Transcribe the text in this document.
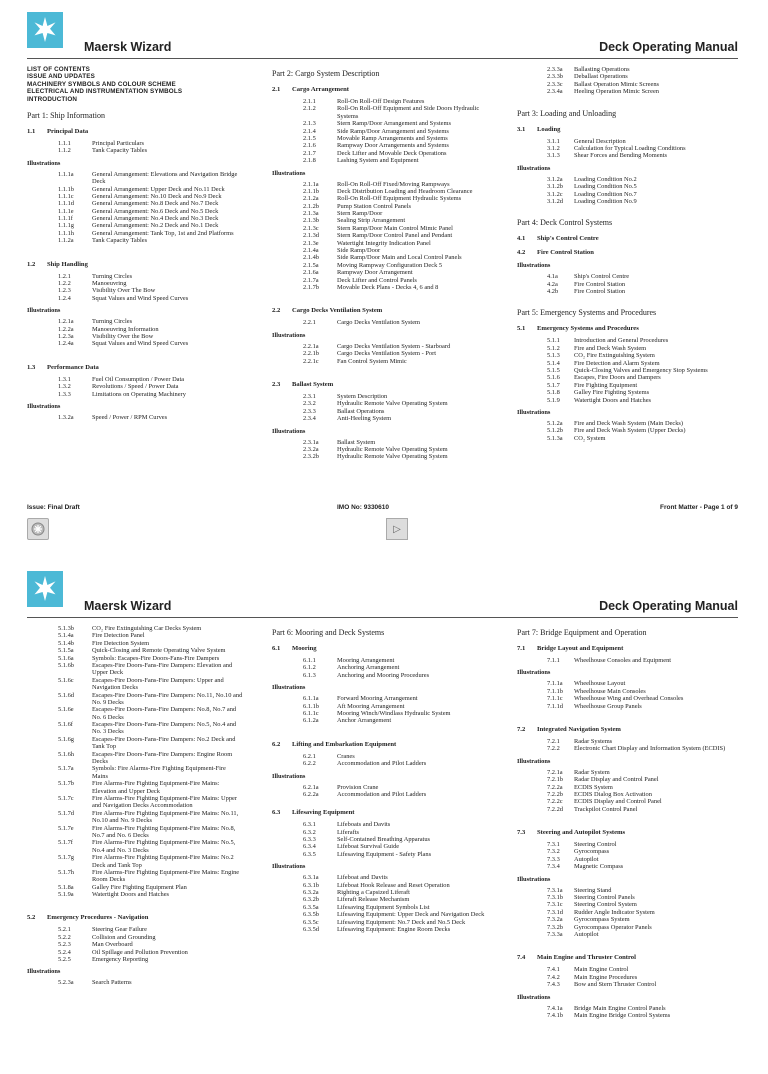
Maersk Wizard	Deck Operating Manual
LIST OF CONTENTS
ISSUE AND UPDATES
MACHINERY SYMBOLS AND COLOUR SCHEME
ELECTRICAL AND INSTRUMENTATION SYMBOLS
INTRODUCTION
Part 1: Ship Information
1.1 Principal Data
1.1.1	Principal Particulars
1.1.2	Tank Capacity Tables
Illustrations
1.1.1a	General Arrangement: Elevations and Navigation Bridge
Deck
1.1.1b	General Arrangement: Upper Deck and No.11 Deck
1.1.1c	General Arrangement: No.10 Deck and No.9 Deck
1.1.1d	General Arrangement: No.8 Deck and No.7 Deck
1.1.1e	General Arrangement: No.6 Deck and No.5 Deck
1.1.1f	General Arrangement: No.4 Deck and No.3 Deck
1.1.1g	General Arrangement: No.2 Deck and No.1 Deck
1.1.1h	General Arrangement: Tank Top, 1st and 2nd Platforms
1.1.2a	Tank Capacity Tables
1.2 Ship Handling
1.2.1	Turning Circles
1.2.2	Manoeuvring
1.2.3	Visibility Over The Bow
1.2.4	Squat Values and Wind Speed Curves
Illustrations
1.2.1a	Turning Circles
1.2.2a	Manoeuvring Information
1.2.3a	Visibility Over the Bow
1.2.4a	Squat Values and Wind Speed Curves
1.3 Performance Data
1.3.1	Fuel Oil Consumption / Power Data
1.3.2	Revolutions / Speed / Power Data
1.3.3	Limitations on Operating Machinery
Illustrations
1.3.2a	Speed / Power / RPM Curves
Part 2: Cargo System Description
2.1 Cargo Arrangement
2.1.1	Roll-On Roll-Off Design Features
2.1.2	Roll-On Roll-Off Equipment and Side Doors Hydraulic
Systems
2.1.3	Stern Ramp/Door Arrangement and Systems
2.1.4	Side Ramp/Door Arrangement and Systems
2.1.5	Movable Ramp Arrangements and Systems
2.1.6	Rampway Door Arrangements and Systems
2.1.7	Deck Lifter and Movable Deck Operations
2.1.8	Lashing System and Equipment
Illustrations
2.1.1a	Roll-On Roll-Off Fixed/Moving Rampways
2.1.1b	Deck Distribution Loading and Headroom Clearance
2.1.2a	Roll-On Roll-Off Equipment Hydraulic Systems
2.1.2b	Pump Station Control Panels
2.1.3a	Stern Ramp/Door
2.1.3b	Sealing Strip Arrangement
2.1.3c	Stern Ramp/Door Main Control Mimic Panel
2.1.3d	Stern Ramp/Door Control Panel and Pendant
2.1.3e	Watertight Integrity Indication Panel
2.1.4a	Side Ramp/Door
2.1.4b	Side Ramp/Door Main and Local Control Panels
2.1.5a	Moving Rampway Configuration Deck 5
2.1.6a	Rampway Door Arrangement
2.1.7a	Deck Lifter and Control Panels
2.1.7b	Movable Deck Plans - Decks 4, 6 and 8
2.2 Cargo Decks Ventilation System
2.2.1	Cargo Decks Ventilation System
Illustrations
2.2.1a	Cargo Decks Ventilation System - Starboard
2.2.1b	Cargo Decks Ventilation System - Port
2.2.1c	Fan Control System Mimic
2.3 Ballast System
2.3.1	System Description
2.3.2	Hydraulic Remote Valve Operating System
2.3.3	Ballast Operations
2.3.4	Anti-Heeling System
Illustrations
2.3.1a	Ballast System
2.3.2a	Hydraulic Remote Valve Operating System
2.3.2b	Hydraulic Remote Valve Operating System
2.3.3a Ballasting Operations
2.3.3b Deballast Operations
2.3.3c Ballast Operation Mimic Screens
2.3.4a Heeling Operation Mimic Screen
Part 3: Loading and Unloading
3.1 Loading
3.1.1 General Description
3.1.2 Calculation for Typical Loading Conditions
3.1.3 Shear Forces and Bending Moments
Illustrations
3.1.2a Loading Condition No.2
3.1.2b Loading Condition No.5
3.1.2c Loading Condition No.7
3.1.2d Loading Condition No.9
Part 4: Deck Control Systems
4.1 Ship's Control Centre
4.2 Fire Control Station
Illustrations
4.1a	Ship's Control Centre
4.2a	Fire Control Station
4.2b Fire Control Station
Part 5: Emergency Systems and Procedures
5.1 Emergency Systems and Procedures
5.1.1 Introduction and General Procedures
5.1.2 Fire and Deck Wash System
5.1.3 CO₂ Fire Extinguishing System
5.1.4 Fire Detection and Alarm System
5.1.5 Quick-Closing Valves and Emergency Stop Systems
5.1.6 Escapes, Fire Doors and Dampers
5.1.7 Fire Fighting Equipment
5.1.8 Galley Fire Fighting Systems
5.1.9 Watertight Doors and Hatches
Illustrations
5.1.2a Fire and Deck Wash System (Main Decks)
5.1.2b Fire and Deck Wash System (Upper Decks)
5.1.3a CO₂ System
Issue: Final Draft	IMO No: 9330610	Front Matter - Page 1 of 9
▷
Maersk Wizard	Deck Operating Manual
5.1.3b	CO₂ Fire Extinguishing Car Decks System
5.1.4a	Fire Detection Panel
5.1.4b	Fire Detection System
5.1.5a	Quick-Closing and Remote Operating Valve System
5.1.6a	Symbols: Escapes-Fire Doors-Fans-Fire Dampers
5.1.6b	Escapes-Fire Doors-Fans-Fire Dampers: Elevation and
Upper Deck
5.1.6c	Escapes-Fire Doors-Fans-Fire Dampers: Upper and
Navigation Decks
5.1.6d	Escapes-Fire Doors-Fans-Fire Dampers: No.11, No.10 and
No. 9 Decks
5.1.6e	Escapes-Fire Doors-Fans-Fire Dampers: No.8, No.7 and
No. 6 Decks
5.1.6f	Escapes-Fire Doors-Fans-Fire Dampers: No.5, No.4 and
No. 3 Decks
5.1.6g	Escapes-Fire Doors-Fans-Fire Dampers: No.2 Deck and
Tank Top
5.1.6h	Escapes-Fire Doors-Fans-Fire Dampers: Engine Room
Decks
5.1.7a	Symbols: Fire Alarms-Fire Fighting Equipment-Fire
Mains
5.1.7b	Fire Alarms-Fire Fighting Equipment-Fire Mains:
Elevation and Upper Deck
5.1.7c	Fire Alarms-Fire Fighting Equipment-Fire Mains: Upper
and Navigation Decks Accommodation
5.1.7d	Fire Alarms-Fire Fighting Equipment-Fire Mains: No.11,
No.10 and No. 9 Decks
5.1.7e	Fire Alarms-Fire Fighting Equipment-Fire Mains: No.8,
No.7 and No. 6 Decks
5.1.7f	Fire Alarms-Fire Fighting Equipment-Fire Mains: No.5,
No.4 and No. 3 Decks
5.1.7g	Fire Alarms-Fire Fighting Equipment-Fire Mains: No.2
Deck and Tank Top
5.1.7h	Fire Alarms-Fire Fighting Equipment-Fire Mains: Engine
Room Decks
5.1.8a	Galley Fire Fighting Equipment Plan
5.1.9a	Watertight Doors and Hatches
5.2 Emergency Procedures - Navigation
5.2.1	Steering Gear Failure
5.2.2	Collision and Grounding
5.2.3	Man Overboard
5.2.4	Oil Spillage and Pollution Prevention
5.2.5	Emergency Reporting
Illustrations
5.2.3a	Search Patterns
Part 6: Mooring and Deck Systems
6.1 Mooring
6.1.1	Mooring Arrangement
6.1.2	Anchoring Arrangement
6.1.3	Anchoring and Mooring Procedures
Illustrations
6.1.1a	Forward Mooring Arrangement
6.1.1b	Aft Mooring Arrangement
6.1.1c	Mooring Winch/Windlass Hydraulic System
6.1.2a	Anchor Arrangement
6.2 Lifting and Embarkation Equipment
6.2.1	Cranes
6.2.2	Accommodation and Pilot Ladders
Illustrations
6.2.1a	Provision Crane
6.2.2a	Accommodation and Pilot Ladders
6.3 Lifesaving Equipment
6.3.1	Lifeboats and Davits
6.3.2	Liferafts
6.3.3	Self-Contained Breathing Apparatus
6.3.4	Lifeboat Survival Guide
6.3.5	Lifesaving Equipment - Safety Plans
Illustrations
6.3.1a	Lifeboat and Davits
6.3.1b	Lifeboat Hook Release and Reset Operation
6.3.2a	Righting a Capsized Liferaft
6.3.2b	Liferaft Release Mechanism
6.3.5a	Lifesaving Equipment Symbols List
6.3.5b	Lifesaving Equipment: Upper Deck and Navigation Deck
6.3.5c	Lifesaving Equipment: No.7 Deck and No.5 Deck
6.3.5d	Lifesaving Equipment: Engine Room Decks
Part 7: Bridge Equipment and Operation
7.1 Bridge Layout and Equipment
7.1.1 Wheelhouse Consoles and Equipment
Illustrations
7.1.1a Wheelhouse Layout
7.1.1b Wheelhouse Main Consoles
7.1.1c Wheelhouse Wing and Overhead Consoles
7.1.1d Wheelhouse Group Panels
7.2 Integrated Navigation System
7.2.1 Radar Systems
7.2.2 Electronic Chart Display and Information System (ECDIS)
Illustrations
7.2.1a Radar System
7.2.1b Radar Display and Control Panel
7.2.2a ECDIS System
7.2.2b ECDIS Dialog Box Activation
7.2.2c ECDIS Display and Control Panel
7.2.2d Trackpilot Control Panel
7.3 Steering and Autopilot Systems
7.3.1 Steering Control
7.3.2 Gyrocompass
7.3.3 Autopilot
7.3.4 Magnetic Compass
Illustrations
7.3.1a Steering Stand
7.3.1b Steering Control Panels
7.3.1c Steering Control System
7.3.1d Rudder Angle Indicator System
7.3.2a Gyrocompass System
7.3.2b Gyrocompass Operator Panels
7.3.3a Autopilot
7.4 Main Engine and Thruster Control
7.4.1 Main Engine Control
7.4.2 Main Engine Procedures
7.4.3 Bow and Stern Thruster Control
Illustrations
7.4.1a Bridge Main Engine Control Panels
7.4.1b Main Engine Bridge Control Systems
